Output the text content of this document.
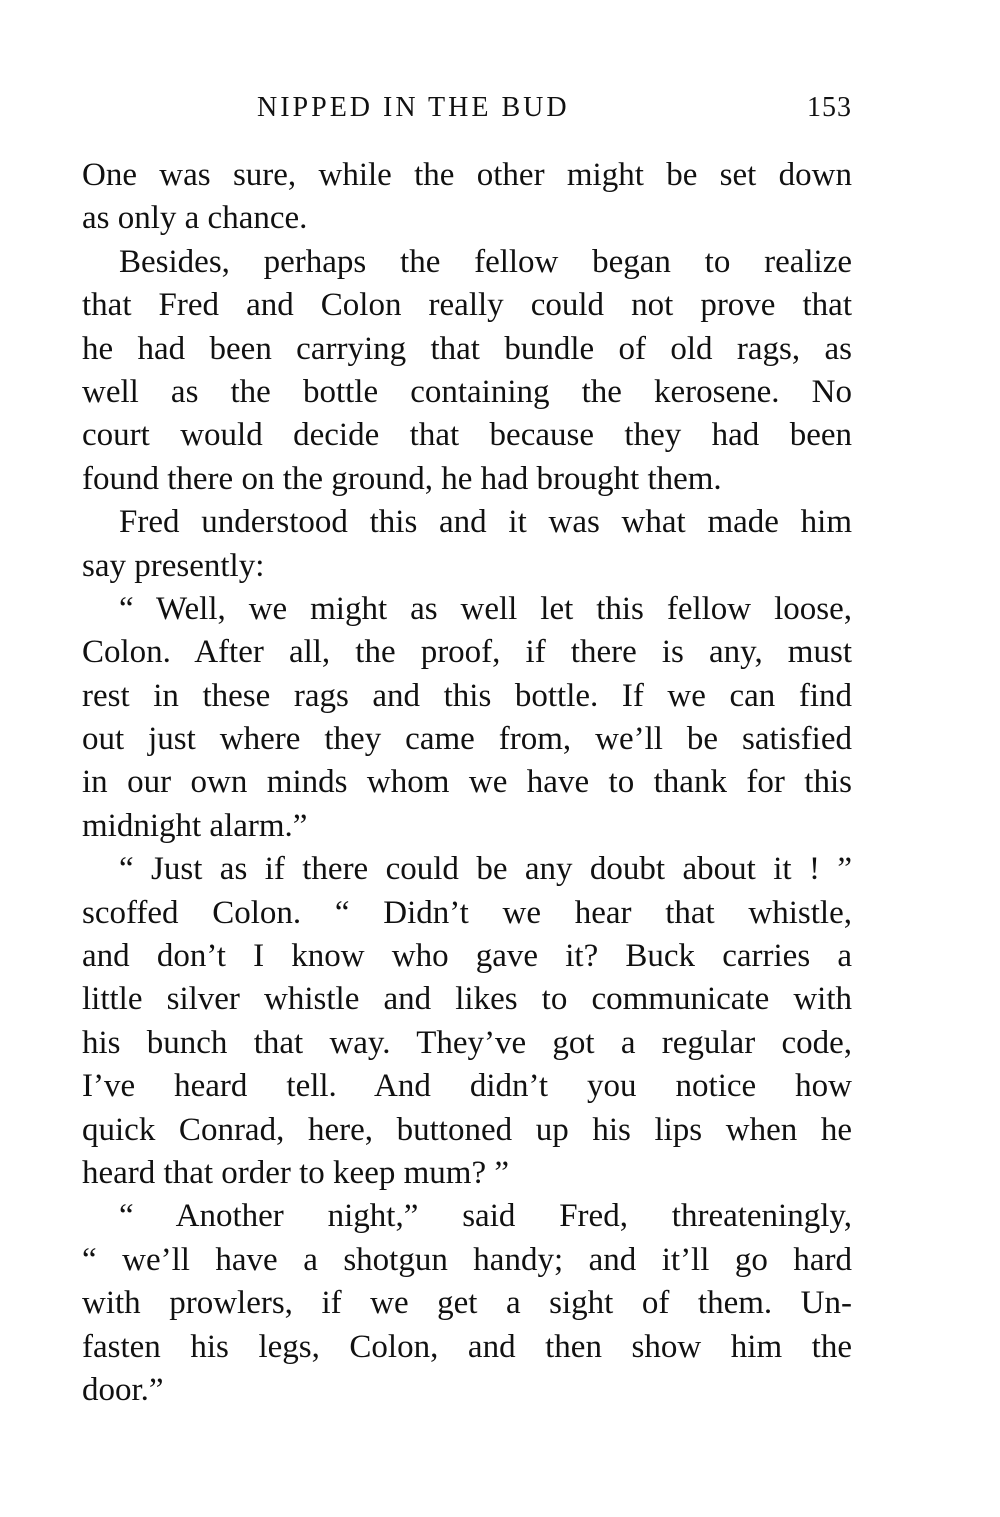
NIPPED IN THE BUD	153
One was sure, while the other might be set down
as only a chance.
Besides, perhaps the fellow began to realize
that Fred and Colon really could not prove that
he had been carrying that bundle of old rags, as
well as the bottle containing the kerosene. No
court would decide that because they had been
found there on the ground, he had brought them.
Fred understood this and it was what made him
say presently:
“ Well, we might as well let this fellow loose,
Colon. After all, the proof, if there is any, must
rest in these rags and this bottle. If we can find
out just where they came from, we’ll be satisfied
in our own minds whom we have to thank for this
midnight alarm.”
“ Just as if there could be any doubt about it ! ”
scoffed Colon. “ Didn’t we hear that whistle,
and don’t I know who gave it? Buck carries a
little silver whistle and likes to communicate with
his bunch that way. They’ve got a regular code,
I’ve heard tell. And didn’t you notice how
quick Conrad, here, buttoned up his lips when he
heard that order to keep mum? ”
“ Another night,” said Fred, threateningly,
“ we’ll have a shotgun handy; and it’ll go hard
with prowlers, if we get a sight of them. Un-
fasten his legs, Colon, and then show him the
door.”
